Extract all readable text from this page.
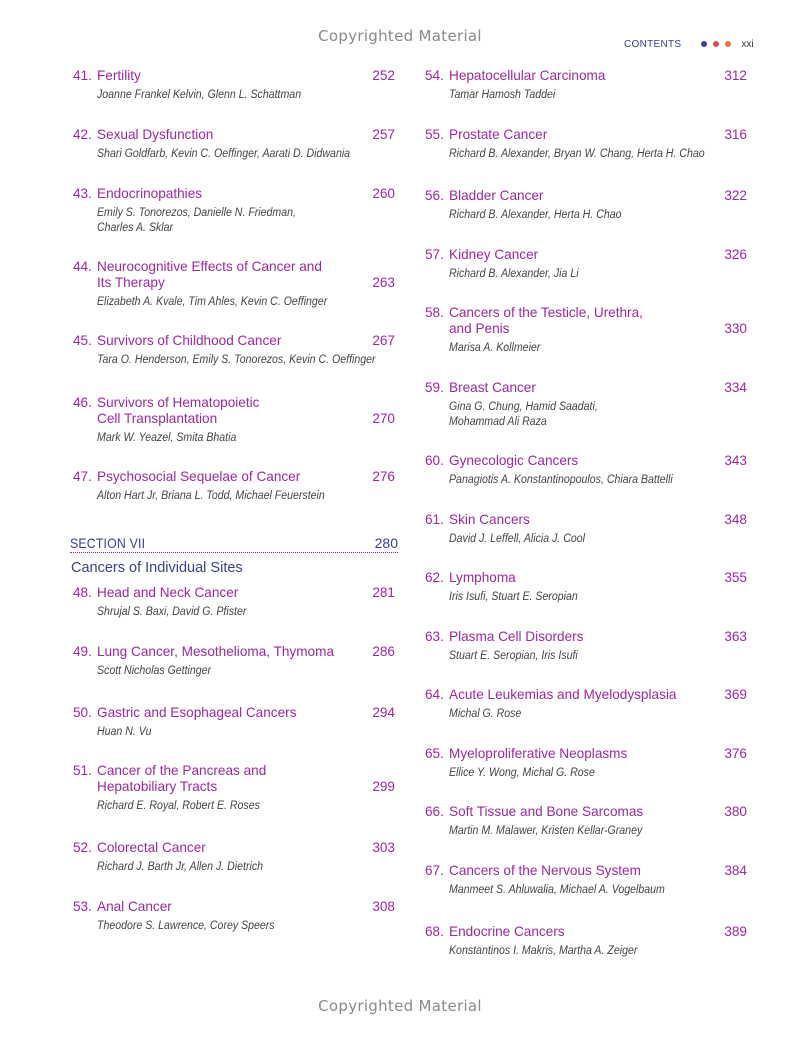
Copyrighted Material	CONTENTS	xxi
SECTION VII	280
Cancers of Individual Sites
41. Fertility	252
Joanne Frankel Kelvin, Glenn L. Schattman
42. Sexual Dysfunction	257
Shari Goldfarb, Kevin C. Oeffinger, Aarati D. Didwania
43. Endocrinopathies	260
Emily S. Tonorezos, Danielle N. Friedman,
Charles A. Sklar
44. Neurocognitive Effects of Cancer and Its Therapy	263
Elizabeth A. Kvale, Tim Ahles, Kevin C. Oeffinger
45. Survivors of Childhood Cancer	267
Tara O. Henderson, Emily S. Tonorezos, Kevin C. Oeffinger
46. Survivors of Hematopoietic Cell Transplantation	270
Mark W. Yeazel, Smita Bhatia
47. Psychosocial Sequelae of Cancer	276
Alton Hart Jr, Briana L. Todd, Michael Feuerstein
48. Head and Neck Cancer	281
Shrujal S. Baxi, David G. Pfister
49. Lung Cancer, Mesothelioma, Thymoma	286
Scott Nicholas Gettinger
50. Gastric and Esophageal Cancers	294
Huan N. Vu
51. Cancer of the Pancreas and Hepatobiliary Tracts	299
Richard E. Royal, Robert E. Roses
52. Colorectal Cancer	303
Richard J. Barth Jr, Allen J. Dietrich
53. Anal Cancer	308
Theodore S. Lawrence, Corey Speers
54. Hepatocellular Carcinoma	312
Tamar Hamosh Taddei
55. Prostate Cancer	316
Richard B. Alexander, Bryan W. Chang, Herta H. Chao
56. Bladder Cancer	322
Richard B. Alexander, Herta H. Chao
57. Kidney Cancer	326
Richard B. Alexander, Jia Li
58. Cancers of the Testicle, Urethra, and Penis	330
Marisa A. Kollmeier
59. Breast Cancer	334
Gina G. Chung, Hamid Saadati,
Mohammad Ali Raza
60. Gynecologic Cancers	343
Panagiotis A. Konstantinopoulos, Chiara Battelli
61. Skin Cancers	348
David J. Leffell, Alicia J. Cool
62. Lymphoma	355
Iris Isufi, Stuart E. Seropian
63. Plasma Cell Disorders	363
Stuart E. Seropian, Iris Isufi
64. Acute Leukemias and Myelodysplasia	369
Michal G. Rose
65. Myeloproliferative Neoplasms	376
Ellice Y. Wong, Michal G. Rose
66. Soft Tissue and Bone Sarcomas	380
Martin M. Malawer, Kristen Kellar-Graney
67. Cancers of the Nervous System	384
Manmeet S. Ahluwalia, Michael A. Vogelbaum
68. Endocrine Cancers	389
Konstantinos I. Makris, Martha A. Zeiger
Copyrighted Material
